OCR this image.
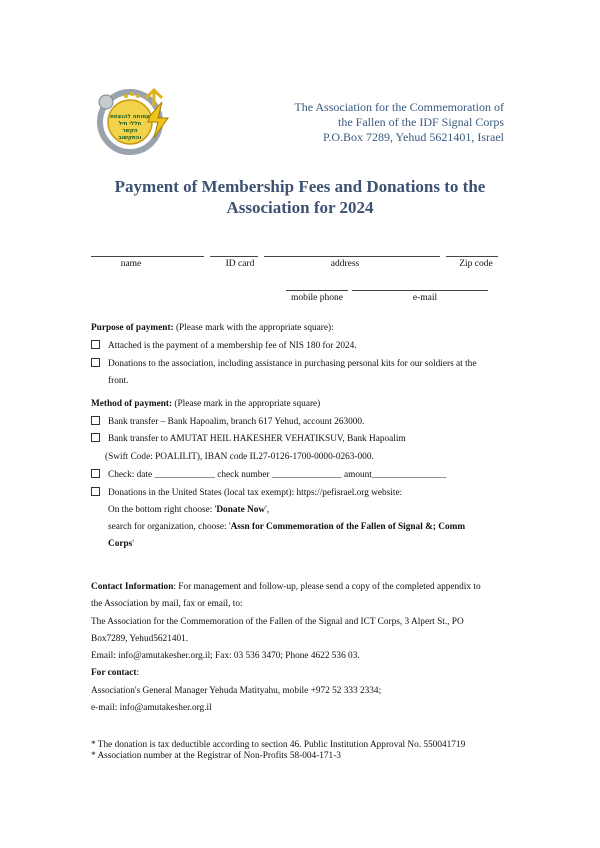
עמותה להנצחת
חללי חיל
הקשר
והתקשוב
The Association for the Commemoration of
the Fallen of the IDF Signal Corps
P.O.Box 7289, Yehud 5621401, Israel
Payment of Membership Fees and Donations to the
Association for 2024
name	ID card	address	Zip code
mobile phone	e-mail
Purpose of payment: (Please mark with the appropriate square):
Attached is the payment of a membership fee of NIS 180 for 2024.
Donations to the association, including assistance in purchasing personal kits for our soldiers at the
front.
Method of payment: (Please mark in the appropriate square)
Bank transfer – Bank Hapoalim, branch 617 Yehud, account 263000.
Bank transfer to AMUTAT HEIL HAKESHER VEHATIKSUV, Bank Hapoalim
(Swift Code: POALILIT), IBAN code IL27-0126-1700-0000-0263-000.
Check: date _____________ check number _______________ amount________________
Donations in the United States (local tax exempt): https://pefisrael.org website:
On the bottom right choose: 'Donate Now',
search for organization, choose: 'Assn for Commemoration of the Fallen of Signal &; Comm
Corps'
Contact Information: For management and follow-up, please send a copy of the completed appendix to
the Association by mail, fax or email, to:
The Association for the Commemoration of the Fallen of the Signal and ICT Corps, 3 Alpert St., PO
Box7289, Yehud5621401.
Email: info@amutakesher.org.il; Fax: 03 536 3470; Phone 4622 536 03.
For contact:
Association's General Manager Yehuda Matityahu, mobile +972 52 333 2334;
e-mail: info@amutakesher.org.il
* The donation is tax deductible according to section 46. Public Institution Approval No. 550041719
* Association number at the Registrar of Non-Profits 58-004-171-3
